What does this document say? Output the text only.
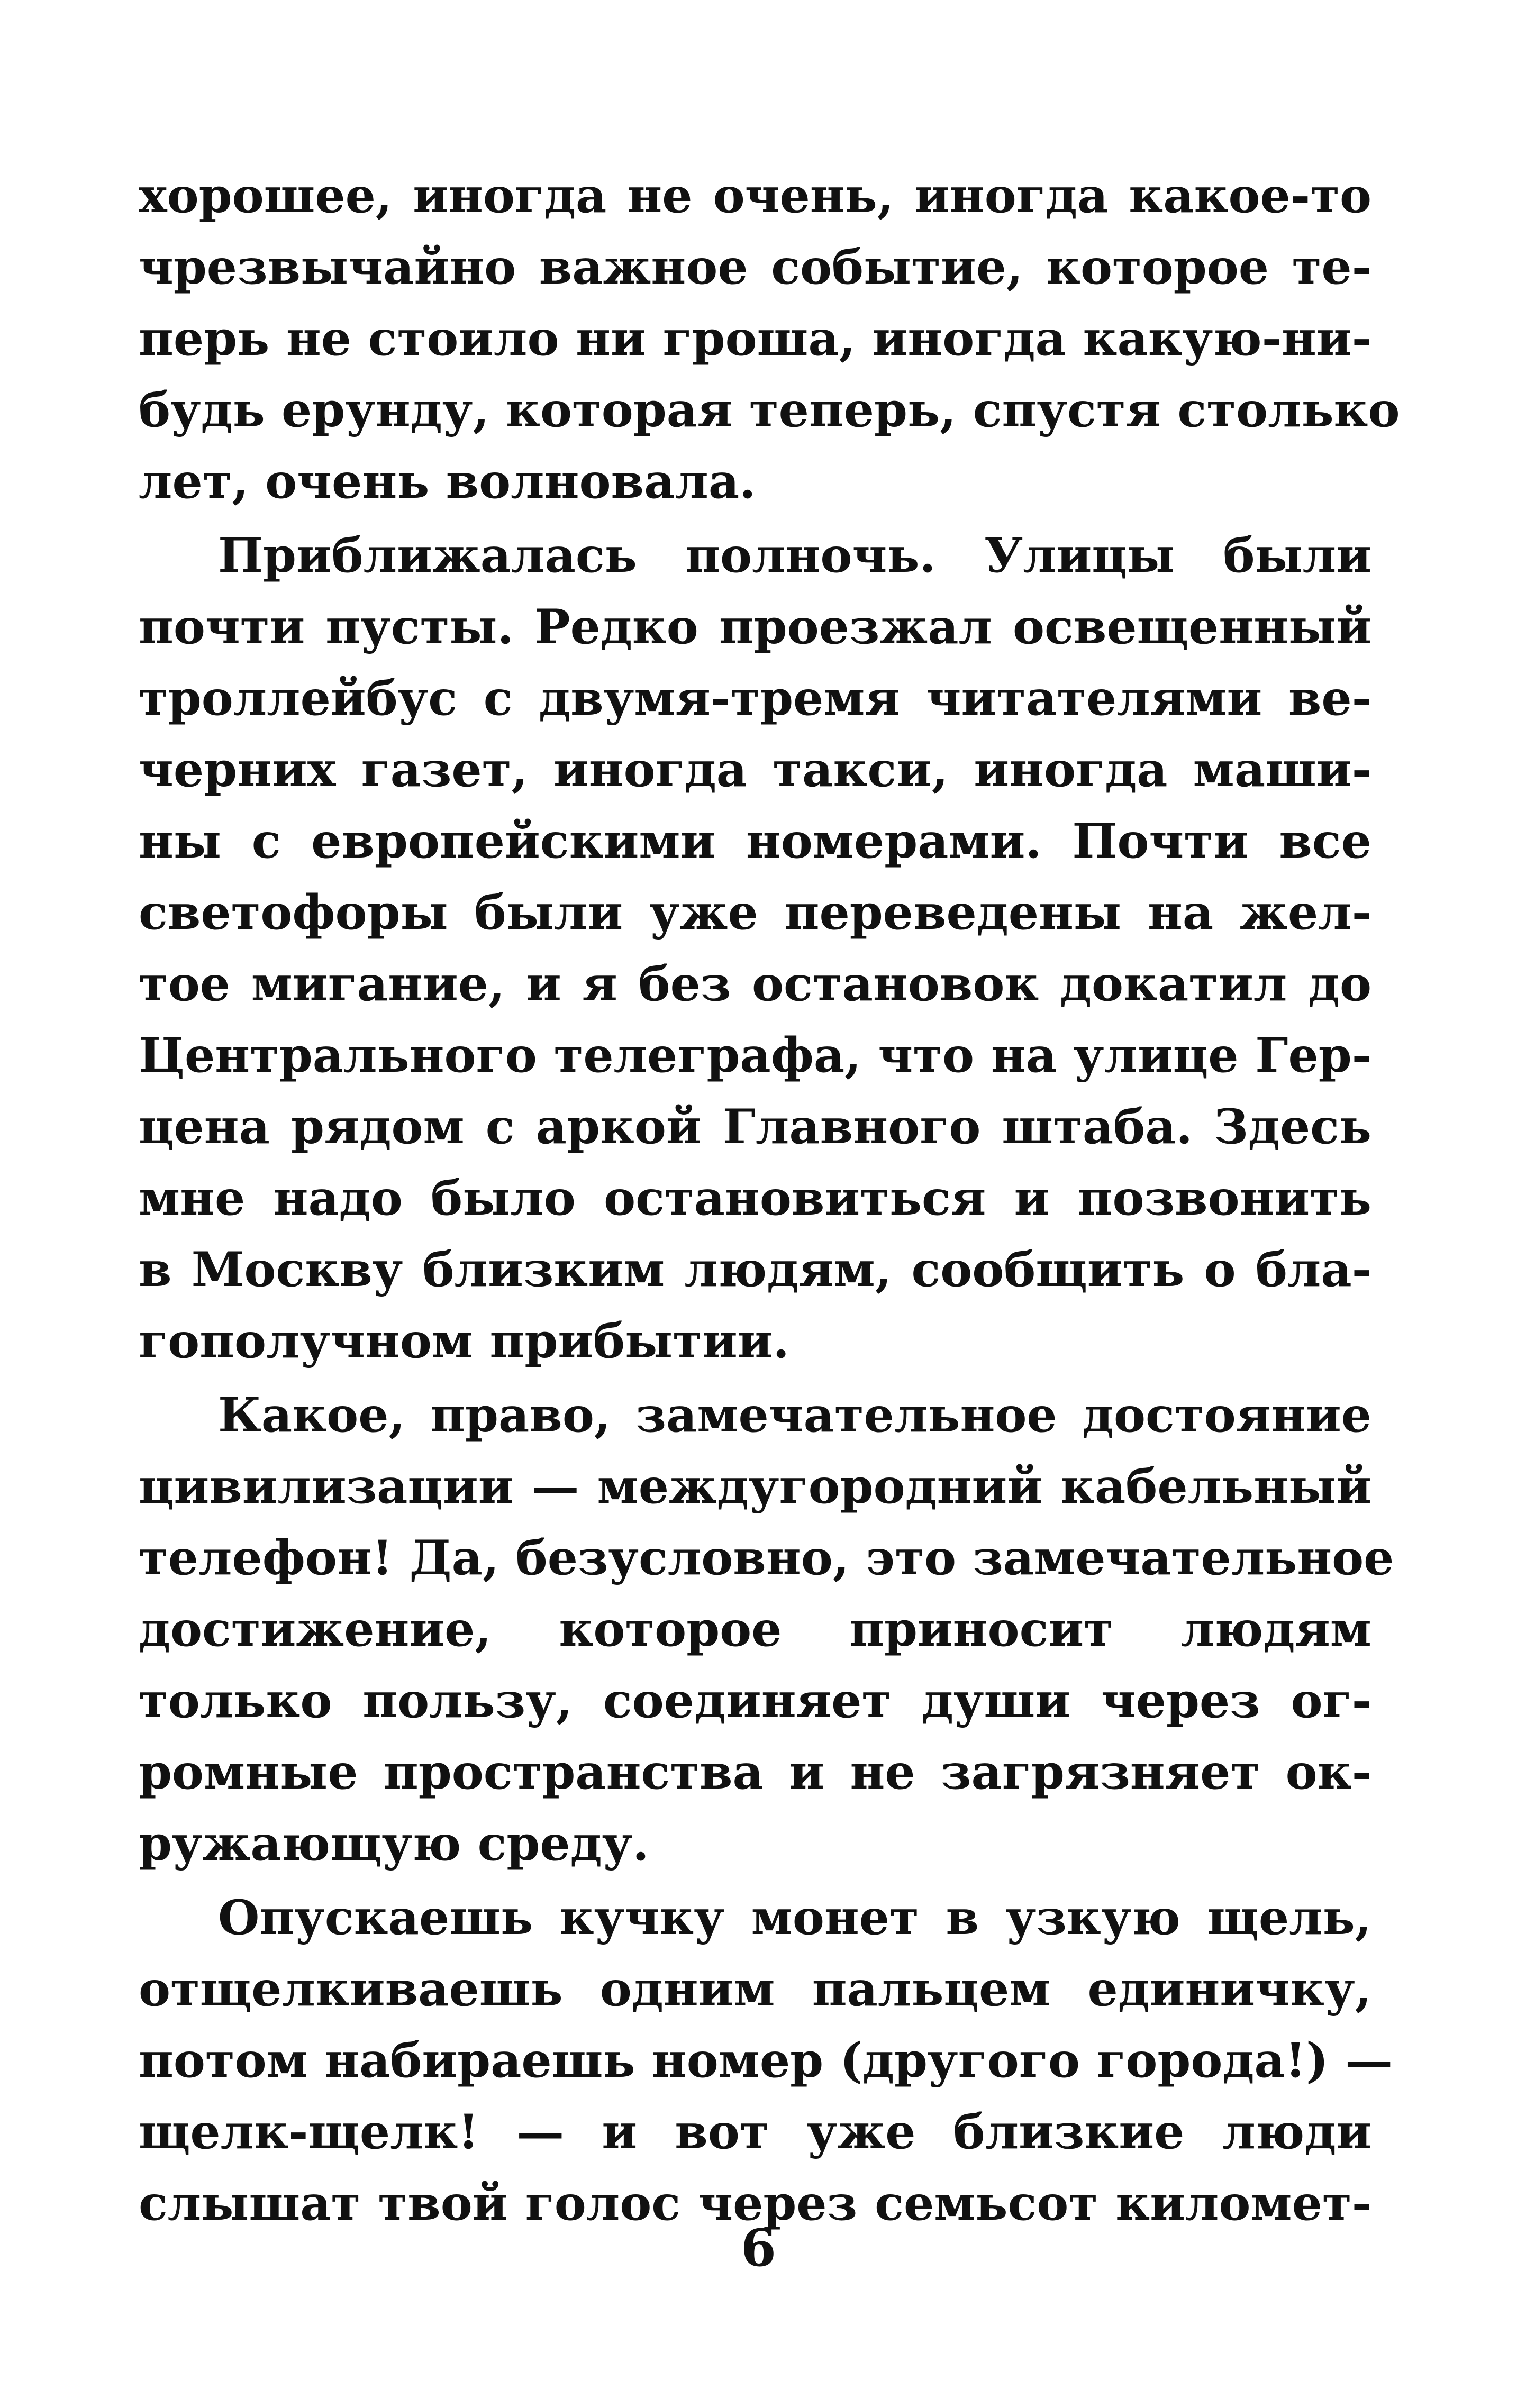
хорошее, иногда не очень, иногда какое-то
чрезвычайно важное событие, которое те-
перь не стоило ни гроша, иногда какую-ни-
будь ерунду, которая теперь, спустя столько
лет, очень волновала.
Приближалась полночь. Улицы были
почти пусты. Редко проезжал освещенный
троллейбус с двумя-тремя читателями ве-
черних газет, иногда такси, иногда маши-
ны с европейскими номерами. Почти все
светофоры были уже переведены на жел-
тое мигание, и я без остановок докатил до
Центрального телеграфа, что на улице Гер-
цена рядом с аркой Главного штаба. Здесь
мне надо было остановиться и позвонить
в Москву близким людям, сообщить о бла-
гополучном прибытии.
Какое, право, замечательное достояние
цивилизации — междугородний кабельный
телефон! Да, безусловно, это замечательное
достижение, которое приносит людям
только пользу, соединяет души через ог-
ромные пространства и не загрязняет ок-
ружающую среду.
Опускаешь кучку монет в узкую щель,
отщелкиваешь одним пальцем единичку,
потом набираешь номер (другого города!) —
щелк-щелк! — и вот уже близкие люди
слышат твой голос через семьсот километ-
6
